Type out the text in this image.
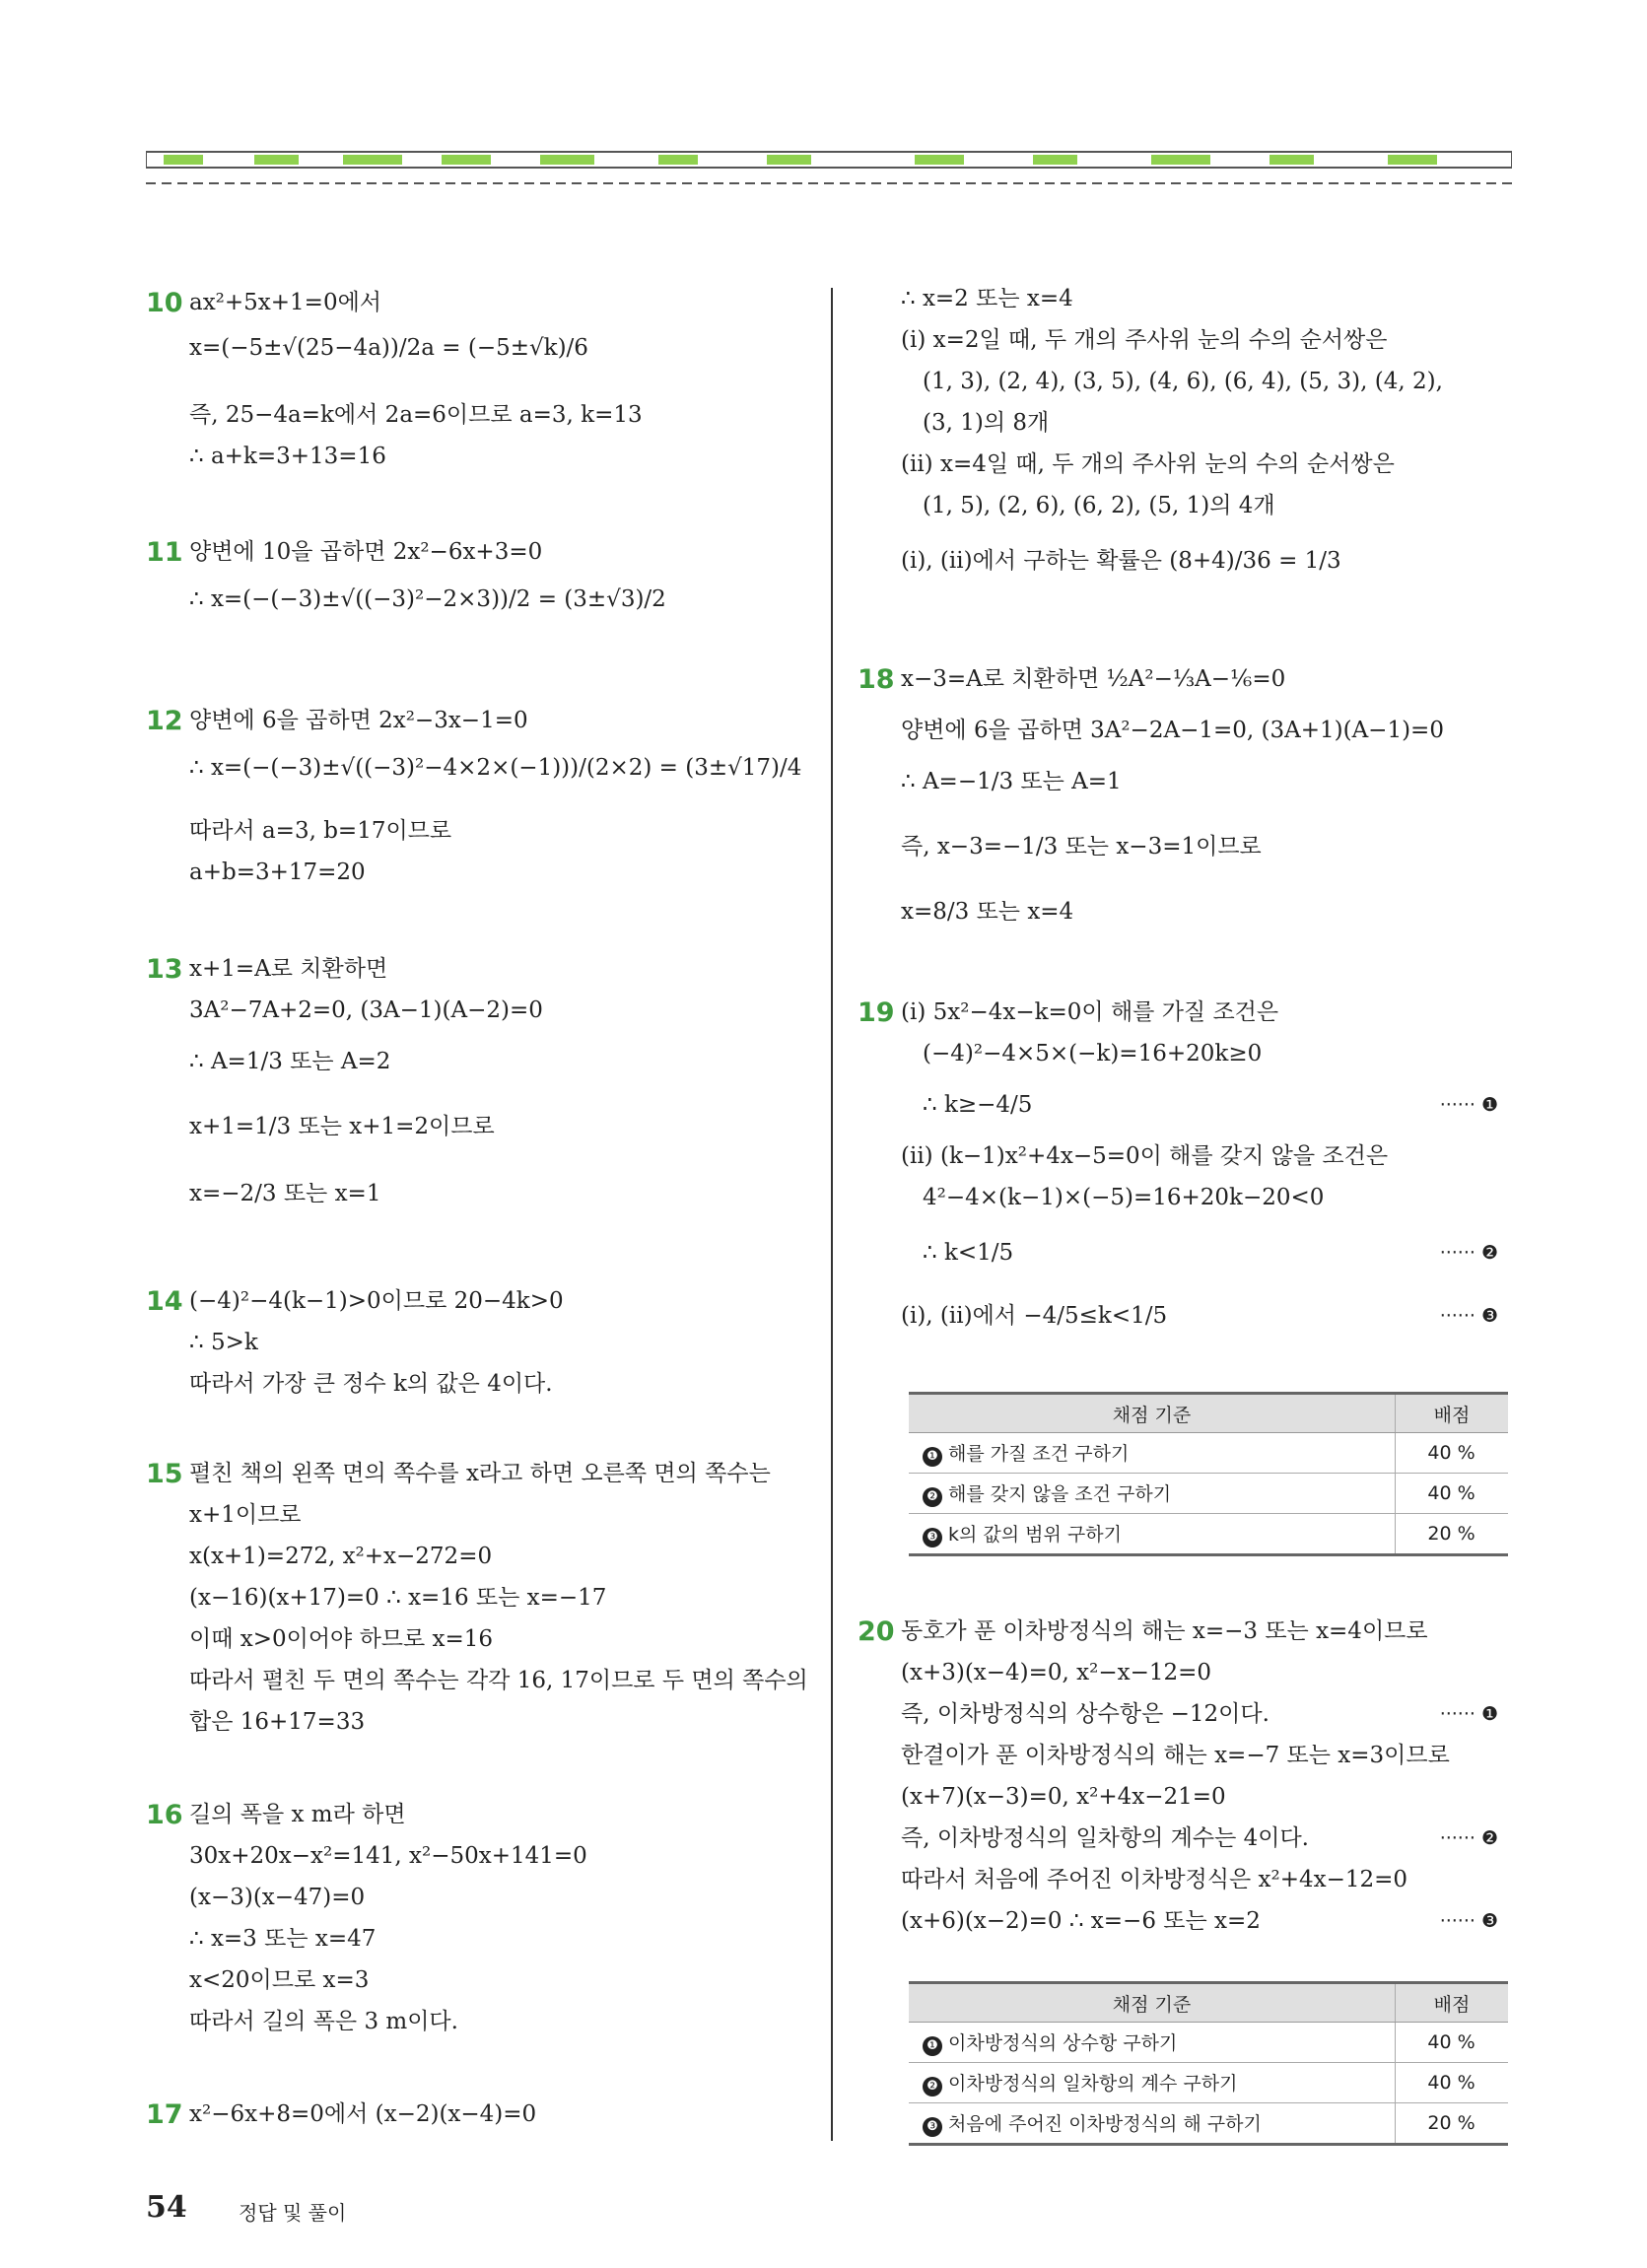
10 ax²+5x+1=0에서
x=(−5±√(25−4a))/2a = (−5±√k)/6
즉, 25−4a=k에서 2a=6이므로 a=3, k=13
∴ a+k=3+13=16
11 양변에 10을 곱하면 2x²−6x+3=0
∴ x=(−(−3)±√((−3)²−2×3))/2 = (3±√3)/2
12 양변에 6을 곱하면 2x²−3x−1=0
∴ x=(−(−3)±√((−3)²−4×2×(−1)))/(2×2) = (3±√17)/4
따라서 a=3, b=17이므로
a+b=3+17=20
13 x+1=A로 치환하면
3A²−7A+2=0, (3A−1)(A−2)=0
∴ A=1/3 또는 A=2
x+1=1/3 또는 x+1=2이므로
x=−2/3 또는 x=1
14 (−4)²−4(k−1)>0이므로 20−4k>0
∴ 5>k
따라서 가장 큰 정수 k의 값은 4이다.
15 펼친 책의 왼쪽 면의 쪽수를 x라고 하면 오른쪽 면의 쪽수는
x+1이므로
x(x+1)=272, x²+x−272=0
(x−16)(x+17)=0 ∴ x=16 또는 x=−17
이때 x>0이어야 하므로 x=16
따라서 펼친 두 면의 쪽수는 각각 16, 17이므로 두 면의 쪽수의
합은 16+17=33
16 길의 폭을 x m라 하면
30x+20x−x²=141, x²−50x+141=0
(x−3)(x−47)=0
∴ x=3 또는 x=47
x<20이므로 x=3
따라서 길의 폭은 3 m이다.
17 x²−6x+8=0에서 (x−2)(x−4)=0
∴ x=2 또는 x=4
(i) x=2일 때, 두 개의 주사위 눈의 수의 순서쌍은
(1, 3), (2, 4), (3, 5), (4, 6), (6, 4), (5, 3), (4, 2),
(3, 1)의 8개
(ii) x=4일 때, 두 개의 주사위 눈의 수의 순서쌍은
(1, 5), (2, 6), (6, 2), (5, 1)의 4개
(i), (ii)에서 구하는 확률은 (8+4)/36 = 1/3
18 x−3=A로 치환하면 ½A²−⅓A−⅙=0
양변에 6을 곱하면 3A²−2A−1=0, (3A+1)(A−1)=0
∴ A=−1/3 또는 A=1
즉, x−3=−1/3 또는 x−3=1이므로
x=8/3 또는 x=4
19 (i) 5x²−4x−k=0이 해를 가질 조건은
(−4)²−4×5×(−k)=16+20k≥0
∴ k≥−4/5
(ii) (k−1)x²+4x−5=0이 해를 갖지 않을 조건은
4²−4×(k−1)×(−5)=16+20k−20<0
∴ k<1/5
(i), (ii)에서 −4/5≤k<1/5
······ ❶
······ ❷
······ ❸
채점 기준	배점
❶ 해를 가질 조건 구하기	40 %
❷ 해를 갖지 않을 조건 구하기	40 %
❸ k의 값의 범위 구하기	20 %
20 동호가 푼 이차방정식의 해는 x=−3 또는 x=4이므로
(x+3)(x−4)=0, x²−x−12=0
즉, 이차방정식의 상수항은 −12이다.
한결이가 푼 이차방정식의 해는 x=−7 또는 x=3이므로
(x+7)(x−3)=0, x²+4x−21=0
즉, 이차방정식의 일차항의 계수는 4이다.
따라서 처음에 주어진 이차방정식은 x²+4x−12=0
(x+6)(x−2)=0 ∴ x=−6 또는 x=2
······ ❶
······ ❷
······ ❸
채점 기준	배점
❶ 이차방정식의 상수항 구하기	40 %
❷ 이차방정식의 일차항의 계수 구하기	40 %
❸ 처음에 주어진 이차방정식의 해 구하기	20 %
54	정답 및 풀이
